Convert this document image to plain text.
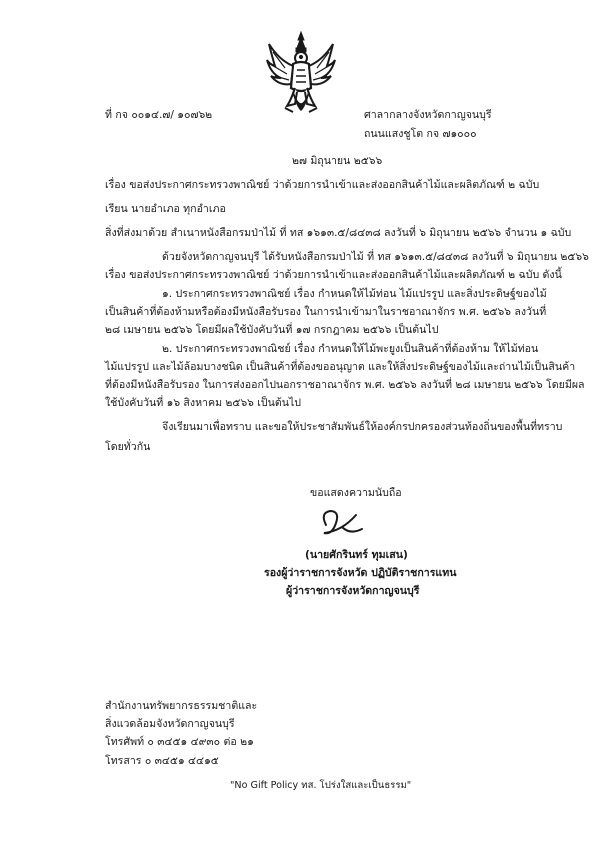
ที่ กจ ๐๐๑๔.๗/ ๑๐๗๖๒	ศาลากลางจังหวัดกาญจนบุรี
ถนนแสงชูโต กจ ๗๑๐๐๐
๒๗ มิถุนายน ๒๕๖๖
เรื่อง ขอส่งประกาศกระทรวงพาณิชย์ ว่าด้วยการนำเข้าและส่งออกสินค้าไม้และผลิตภัณฑ์ ๒ ฉบับ
เรียน นายอำเภอ ทุกอำเภอ
สิ่งที่ส่งมาด้วย สำเนาหนังสือกรมป่าไม้ ที่ ทส ๑๖๑๓.๕/๘๔๓๘ ลงวันที่ ๖ มิถุนายน ๒๕๖๖ จำนวน ๑ ฉบับ
ด้วยจังหวัดกาญจนบุรี ได้รับหนังสือกรมป่าไม้ ที่ ทส ๑๖๑๓.๕/๘๔๓๘ ลงวันที่ ๖ มิถุนายน ๒๕๖๖
เรื่อง ขอส่งประกาศกระทรวงพาณิชย์ ว่าด้วยการนำเข้าและส่งออกสินค้าไม้และผลิตภัณฑ์ ๒ ฉบับ ดังนี้
๑. ประกาศกระทรวงพาณิชย์ เรื่อง กำหนดให้ไม้ท่อน ไม้แปรรูป และสิ่งประดิษฐ์ของไม้
เป็นสินค้าที่ต้องห้ามหรือต้องมีหนังสือรับรอง ในการนำเข้ามาในราชอาณาจักร พ.ศ. ๒๕๖๖ ลงวันที่
๒๘ เมษายน ๒๕๖๖ โดยมีผลใช้บังคับวันที่ ๑๗ กรกฎาคม ๒๕๖๖ เป็นต้นไป
๒. ประกาศกระทรวงพาณิชย์ เรื่อง กำหนดให้ไม้พะยูงเป็นสินค้าที่ต้องห้าม ให้ไม้ท่อน
ไม้แปรรูป และไม้ล้อมบางชนิด เป็นสินค้าที่ต้องขออนุญาต และให้สิ่งประดิษฐ์ของไม้และถ่านไม้เป็นสินค้า
ที่ต้องมีหนังสือรับรอง ในการส่งออกไปนอกราชอาณาจักร พ.ศ. ๒๕๖๖ ลงวันที่ ๒๘ เมษายน ๒๕๖๖ โดยมีผล
ใช้บังคับวันที่ ๑๖ สิงหาคม ๒๕๖๖ เป็นต้นไป
จึงเรียนมาเพื่อทราบ และขอให้ประชาสัมพันธ์ให้องค์กรปกครองส่วนท้องถิ่นของพื้นที่ทราบ
โดยทั่วกัน
ขอแสดงความนับถือ
(นายศักรินทร์ ทุมเสน)
รองผู้ว่าราชการจังหวัด ปฏิบัติราชการแทน
ผู้ว่าราชการจังหวัดกาญจนบุรี
สำนักงานทรัพยากรธรรมชาติและ
สิ่งแวดล้อมจังหวัดกาญจนบุรี
โทรศัพท์ ๐ ๓๔๕๑ ๔๙๓๐ ต่อ ๒๑
โทรสาร ๐ ๓๔๕๑ ๔๔๑๕
"No Gift Policy ทส. โปร่งใสและเป็นธรรม"
